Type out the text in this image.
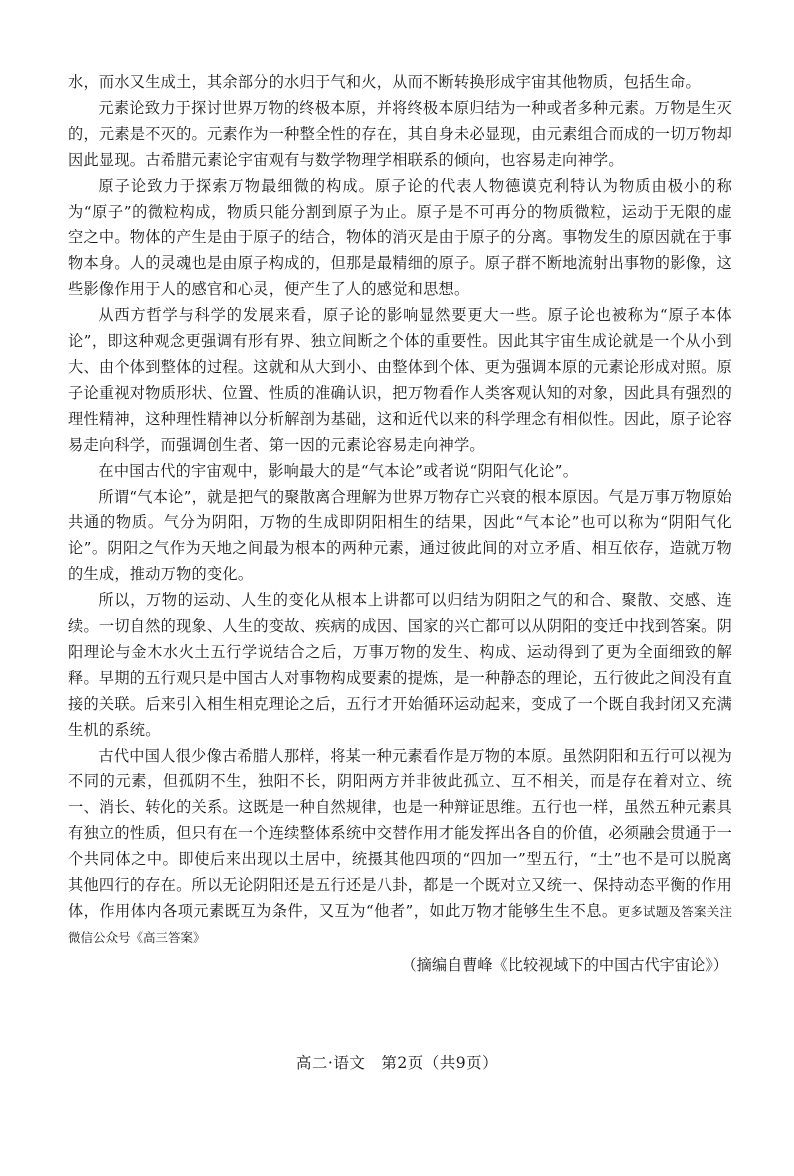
水，而水又生成土，其余部分的水归于气和火，从而不断转换形成宇宙其他物质，包括生命。

元素论致力于探讨世界万物的终极本原，并将终极本原归结为一种或者多种元素。万物是生灭的，元素是不灭的。元素作为一种整全性的存在，其自身未必显现，由元素组合而成的一切万物却因此显现。古希腊元素论宇宙观有与数学物理学相联系的倾向，也容易走向神学。

原子论致力于探索万物最细微的构成。原子论的代表人物德谟克利特认为物质由极小的称为“原子”的微粒构成，物质只能分割到原子为止。原子是不可再分的物质微粒，运动于无限的虚空之中。物体的产生是由于原子的结合，物体的消灭是由于原子的分离。事物发生的原因就在于事物本身。人的灵魂也是由原子构成的，但那是最精细的原子。原子群不断地流射出事物的影像，这些影像作用于人的感官和心灵，便产生了人的感觉和思想。

从西方哲学与科学的发展来看，原子论的影响显然要更大一些。原子论也被称为“原子本体论”，即这种观念更强调有形有界、独立间断之个体的重要性。因此其宇宙生成论就是一个从小到大、由个体到整体的过程。这就和从大到小、由整体到个体、更为强调本原的元素论形成对照。原子论重视对物质形状、位置、性质的准确认识，把万物看作人类客观认知的对象，因此具有强烈的理性精神，这种理性精神以分析解剖为基础，这和近代以来的科学理念有相似性。因此，原子论容易走向科学，而强调创生者、第一因的元素论容易走向神学。

在中国古代的宇宙观中，影响最大的是“气本论”或者说“阴阳气化论”。

所谓“气本论”，就是把气的聚散离合理解为世界万物存亡兴衰的根本原因。气是万事万物原始共通的物质。气分为阴阳，万物的生成即阴阳相生的结果，因此“气本论”也可以称为“阴阳气化论”。阴阳之气作为天地之间最为根本的两种元素，通过彼此间的对立矛盾、相互依存，造就万物的生成，推动万物的变化。

所以，万物的运动、人生的变化从根本上讲都可以归结为阴阳之气的和合、聚散、交感、连续。一切自然的现象、人生的变故、疾病的成因、国家的兴亡都可以从阴阳的变迁中找到答案。阴阳理论与金木水火土五行学说结合之后，万事万物的发生、构成、运动得到了更为全面细致的解释。早期的五行观只是中国古人对事物构成要素的提炼，是一种静态的理论，五行彼此之间没有直接的关联。后来引入相生相克理论之后，五行才开始循环运动起来，变成了一个既自我封闭又充满生机的系统。

古代中国人很少像古希腊人那样，将某一种元素看作是万物的本原。虽然阴阳和五行可以视为不同的元素，但孤阴不生，独阳不长，阴阳两方并非彼此孤立、互不相关，而是存在着对立、统一、消长、转化的关系。这既是一种自然规律，也是一种辩证思维。五行也一样，虽然五种元素具有独立的性质，但只有在一个连续整体系统中交替作用才能发挥出各自的价值，必须融会贯通于一个共同体之中。即使后来出现以土居中，统摄其他四项的“四加一”型五行，“土”也不是可以脱离其他四行的存在。所以无论阴阳还是五行还是八卦，都是一个既对立又统一、保持动态平衡的作用体，作用体内各项元素既互为条件，又互为“他者”，如此万物才能够生生不息。更多试题及答案关注微信公众号《高三答案》

（摘编自曹峰《比较视域下的中国古代宇宙论》）

高二·语文　第2页（共9页）
